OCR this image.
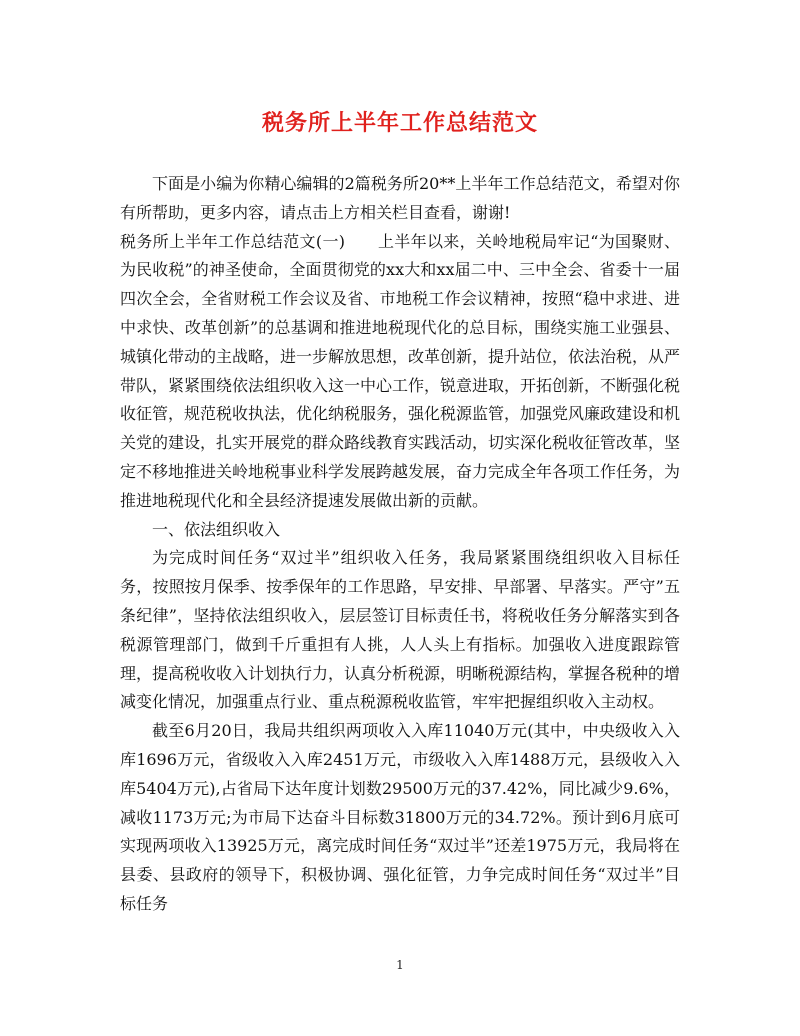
税务所上半年工作总结范文

下面是小编为你精心编辑的2篇税务所20**上半年工作总结范文，希望对你有所帮助，更多内容，请点击上方相关栏目查看，谢谢!

税务所上半年工作总结范文(一)　　上半年以来，关岭地税局牢记“为国聚财、为民收税”的神圣使命，全面贯彻党的xx大和xx届二中、三中全会、省委十一届四次全会，全省财税工作会议及省、市地税工作会议精神，按照“稳中求进、进中求快、改革创新”的总基调和推进地税现代化的总目标，围绕实施工业强县、城镇化带动的主战略，进一步解放思想，改革创新，提升站位，依法治税，从严带队，紧紧围绕依法组织收入这一中心工作，锐意进取，开拓创新，不断强化税收征管，规范税收执法，优化纳税服务，强化税源监管，加强党风廉政建设和机关党的建设，扎实开展党的群众路线教育实践活动，切实深化税收征管改革，坚定不移地推进关岭地税事业科学发展跨越发展，奋力完成全年各项工作任务，为推进地税现代化和全县经济提速发展做出新的贡献。

一、依法组织收入

为完成时间任务“双过半”组织收入任务，我局紧紧围绕组织收入目标任务，按照按月保季、按季保年的工作思路，早安排、早部署、早落实。严守”五条纪律”，坚持依法组织收入，层层签订目标责任书，将税收任务分解落实到各税源管理部门，做到千斤重担有人挑，人人头上有指标。加强收入进度跟踪管理，提高税收收入计划执行力，认真分析税源，明晰税源结构，掌握各税种的增减变化情况，加强重点行业、重点税源税收监管，牢牢把握组织收入主动权。

截至6月20日，我局共组织两项收入入库11040万元(其中，中央级收入入库1696万元，省级收入入库2451万元，市级收入入库1488万元，县级收入入库5404万元),占省局下达年度计划数29500万元的37.42%，同比减少9.6%，减收1173万元;为市局下达奋斗目标数31800万元的34.72%。预计到6月底可实现两项收入13925万元，离完成时间任务“双过半”还差1975万元，我局将在县委、县政府的领导下，积极协调、强化征管，力争完成时间任务“双过半”目标任务

1
